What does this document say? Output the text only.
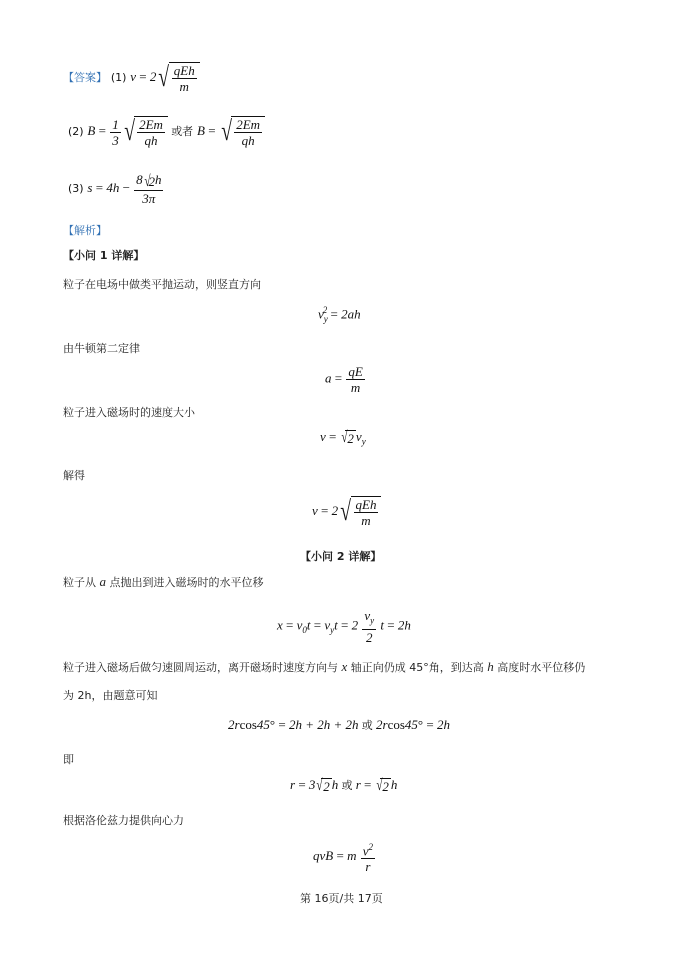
【答案】 (1) $v = 2√ \frac{\text{qEh}}{m}$
(2) $B = \frac{1}{3}$ √ $\frac{2Em}{qh}$ 或者 B = √ $\frac{2Em}{qh}$
(3) $s = 4h - \frac{8√2h}{3\pi}$
【解析】
【小问 1 详解】
粒子在电场中做类平抛运动，则竖直方向
$v_y^2 = 2ah$
由牛顿第二定律
$a = \frac{qE}{m}$
粒子进入磁场时的速度大小
v = √2 $v_y$
解得
$v = 2√ \frac{\text{qEh}}{m}$
【小问 2 详解】
粒子从 a 点抛出到进入磁场时的水平位移
$x = v_0t = v_yt = 2 \frac{v_y}{2}$ t = 2h
粒子进入磁场后做匀速圆周运动，离开磁场时速度方向与 x 轴正向仍成 45°角，到达高 h 高度时水平位移仍
为 2h，由题意可知
2rcos45° = 2h + 2h + 2h 或 2rcos45° = 2h
即
r = 3√2 h 或 r = √2 h
根据洛伦兹力提供向心力
qvB = m $\frac{v^2}{r}$
第 16页/共 17页
